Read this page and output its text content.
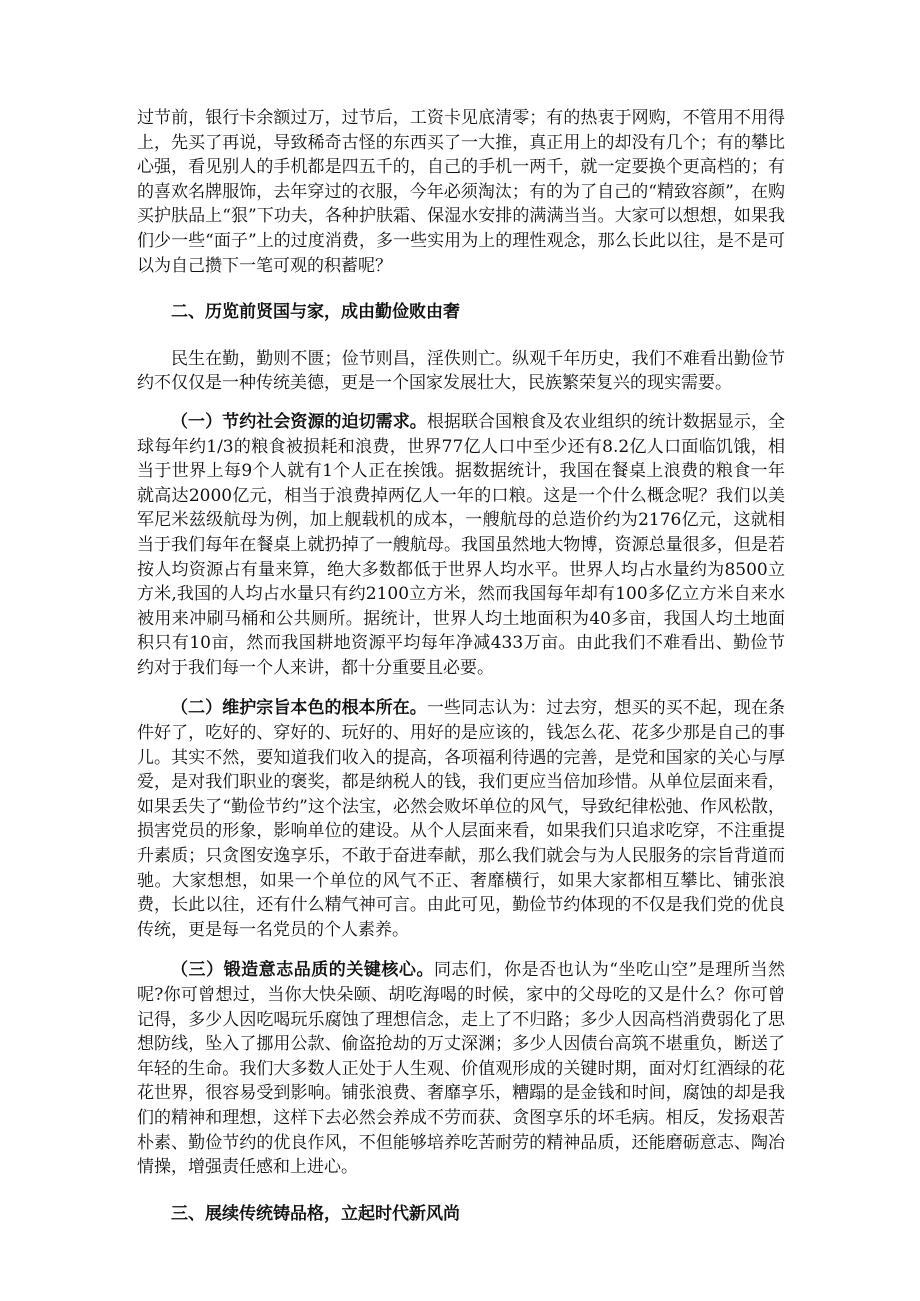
过节前，银行卡余额过万，过节后，工资卡见底清零；有的热衷于网购，不管用不用得上，先买了再说，导致稀奇古怪的东西买了一大推，真正用上的却没有几个；有的攀比心强，看见别人的手机都是四五千的，自己的手机一两千，就一定要换个更高档的；有的喜欢名牌服饰，去年穿过的衣服，今年必须淘汰；有的为了自己的“精致容颜”，在购买护肤品上“狠”下功夫，各种护肤霜、保湿水安排的满满当当。大家可以想想，如果我们少一些“面子”上的过度消费，多一些实用为上的理性观念，那么长此以往，是不是可以为自己攒下一笔可观的积蓄呢？

二、历览前贤国与家，成由勤俭败由奢

民生在勤，勤则不匮；俭节则昌，淫佚则亡。纵观千年历史，我们不难看出勤俭节约不仅仅是一种传统美德，更是一个国家发展壮大，民族繁荣复兴的现实需要。

（一）节约社会资源的迫切需求。根据联合国粮食及农业组织的统计数据显示，全球每年约1/3的粮食被损耗和浪费，世界77亿人口中至少还有8.2亿人口面临饥饿，相当于世界上每9个人就有1个人正在挨饿。据数据统计，我国在餐桌上浪费的粮食一年就高达2000亿元，相当于浪费掉两亿人一年的口粮。这是一个什么概念呢？我们以美军尼米兹级航母为例，加上舰载机的成本，一艘航母的总造价约为2176亿元，这就相当于我们每年在餐桌上就扔掉了一艘航母。我国虽然地大物博，资源总量很多，但是若按人均资源占有量来算，绝大多数都低于世界人均水平。世界人均占水量约为8500立方米,我国的人均占水量只有约2100立方米，然而我国每年却有100多亿立方米自来水被用来冲刷马桶和公共厕所。据统计，世界人均土地面积为40多亩，我国人均土地面积只有10亩，然而我国耕地资源平均每年净减433万亩。由此我们不难看出、勤俭节约对于我们每一个人来讲，都十分重要且必要。

（二）维护宗旨本色的根本所在。一些同志认为：过去穷，想买的买不起，现在条件好了，吃好的、穿好的、玩好的、用好的是应该的，钱怎么花、花多少那是自己的事儿。其实不然，要知道我们收入的提高，各项福利待遇的完善，是党和国家的关心与厚爱，是对我们职业的褒奖，都是纳税人的钱，我们更应当倍加珍惜。从单位层面来看，如果丢失了“勤俭节约”这个法宝，必然会败坏单位的风气，导致纪律松弛、作风松散，损害党员的形象，影响单位的建设。从个人层面来看，如果我们只追求吃穿，不注重提升素质；只贪图安逸享乐，不敢于奋进奉献，那么我们就会与为人民服务的宗旨背道而驰。大家想想，如果一个单位的风气不正、奢靡横行，如果大家都相互攀比、铺张浪费，长此以往，还有什么精气神可言。由此可见，勤俭节约体现的不仅是我们党的优良传统，更是每一名党员的个人素养。

（三）锻造意志品质的关键核心。同志们，你是否也认为“坐吃山空”是理所当然呢?你可曾想过，当你大快朵颐、胡吃海喝的时候，家中的父母吃的又是什么？你可曾记得，多少人因吃喝玩乐腐蚀了理想信念，走上了不归路；多少人因高档消费弱化了思想防线，坠入了挪用公款、偷盗抢劫的万丈深渊；多少人因债台高筑不堪重负，断送了年轻的生命。我们大多数人正处于人生观、价值观形成的关键时期，面对灯红酒绿的花花世界，很容易受到影响。铺张浪费、奢靡享乐，糟蹋的是金钱和时间，腐蚀的却是我们的精神和理想，这样下去必然会养成不劳而获、贪图享乐的坏毛病。相反，发扬艰苦朴素、勤俭节约的优良作风，不但能够培养吃苦耐劳的精神品质，还能磨砺意志、陶冶情操，增强责任感和上进心。

三、展续传统铸品格，立起时代新风尚
